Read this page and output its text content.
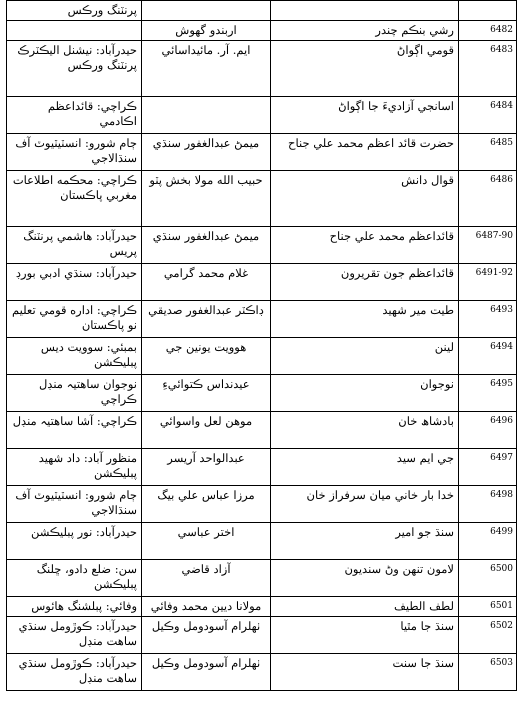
پرنٽنگ ورڪس			
	اربندو گهوش	رشي بنڪم چندر	6482
حيدرآباد: نيشنل اليڪٽرڪ پرنٽنگ ورڪس	ايم. آر. مائيداسائي	قومي اڳواڻ	6483
ڪراچي: قائداعظم اڪادمي		اسانجي آزاديءَ جا اڳواڻ	6484
ڄام شورو: انسٽيٽيوٽ آف سنڌالاجي	ميمڻ عبدالغفور سنڌي	حضرت قائد اعظم محمد علي جناح	6485
ڪراچي: محڪمه اطلاعات مغربي پاڪستان	حبيب الله مولا بخش پٽو	قوال دانش	6486
حيدرآباد: هاشمي پرنٽنگ پريس	ميمڻ عبدالغفور سنڌي	قائداعظم محمد علي جناح	6487-90
حيدرآباد: سنڌي ادبي بورڊ	غلام محمد گرامي	قائداعظم جون تقريرون	6491-92
ڪراچي: اداره قومي تعليم نو پاڪستان	ڊاڪٽر عبدالغفور صديقي	طيت مير شهيد	6493
بمبئي: سوويت ديس پبليڪشن	هوويت يونين جي	لينن	6494
نوجوان ساهتيہ منڊل ڪراچي	عيدنداس ڪتوائيءِ	نوجوان	6495
ڪراچي: آشا ساهتيہ منڊل	موهن لعل واسوائي	بادشاھ خان	6496
منظور آباد: داد شهيد پبليڪشن	عبدالواحد آريسر	جي ايم سيد	6497
ڄام شورو: انسٽيٽيوٽ آف سنڌالاجي	مرزا عباس علي بيگ	خدا بار خاني ميان سرفراز خان	6498
حيدرآباد: نور پبليڪشن	اختر عباسي	سنڌ جو امير	6499
سن: ضلع دادو، ڇلنگ پبليڪشن	آزاد قاضي	لامون تنهن وڻ سنديون	6500
وفائي: پبلشنگ هائوس	مولانا ديين محمد وفائي	لطف الطيف	6501
حيدرآباد: ڪوڙومل سنڌي ساهت منڊل	ٺهلرام آسودومل وڪيل	سنڌ جا مٿيا	6502
حيدرآباد: ڪوڙومل سنڌي ساهت منڊل	ٺهلرام آسودومل وڪيل	سنڌ جا سنت	6503
